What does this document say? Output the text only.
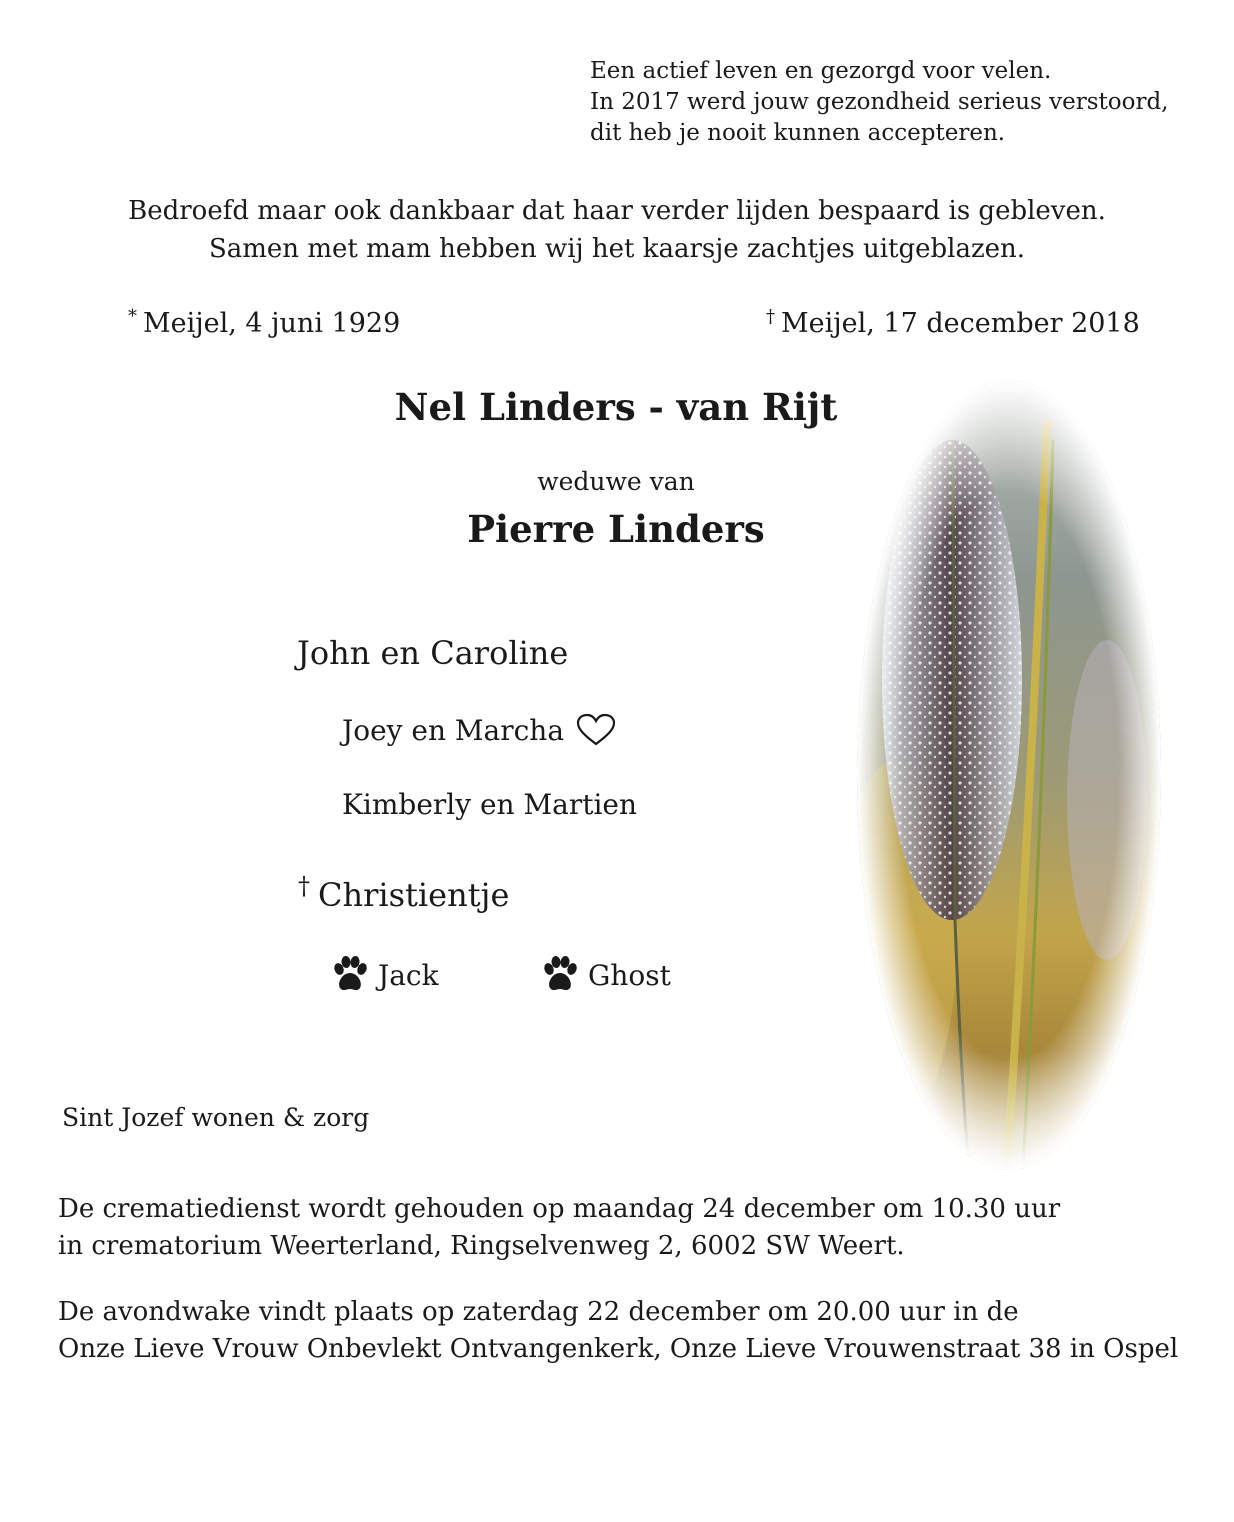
Een actief leven en gezorgd voor velen.
In 2017 werd jouw gezondheid serieus verstoord,
dit heb je nooit kunnen accepteren.
Bedroefd maar ook dankbaar dat haar verder lijden bespaard is gebleven.
Samen met mam hebben wij het kaarsje zachtjes uitgeblazen.
* Meijel, 4 juni 1929	† Meijel, 17 december 2018
Nel Linders - van Rijt
weduwe van
Pierre Linders
John en Caroline
Joey en Marcha
Kimberly en Martien
† Christientje
Jack	Ghost
Sint Jozef wonen & zorg
De crematiedienst wordt gehouden op maandag 24 december om 10.30 uur
in crematorium Weerterland, Ringselvenweg 2, 6002 SW Weert.
De avondwake vindt plaats op zaterdag 22 december om 20.00 uur in de
Onze Lieve Vrouw Onbevlekt Ontvangenkerk, Onze Lieve Vrouwenstraat 38 in Ospel
